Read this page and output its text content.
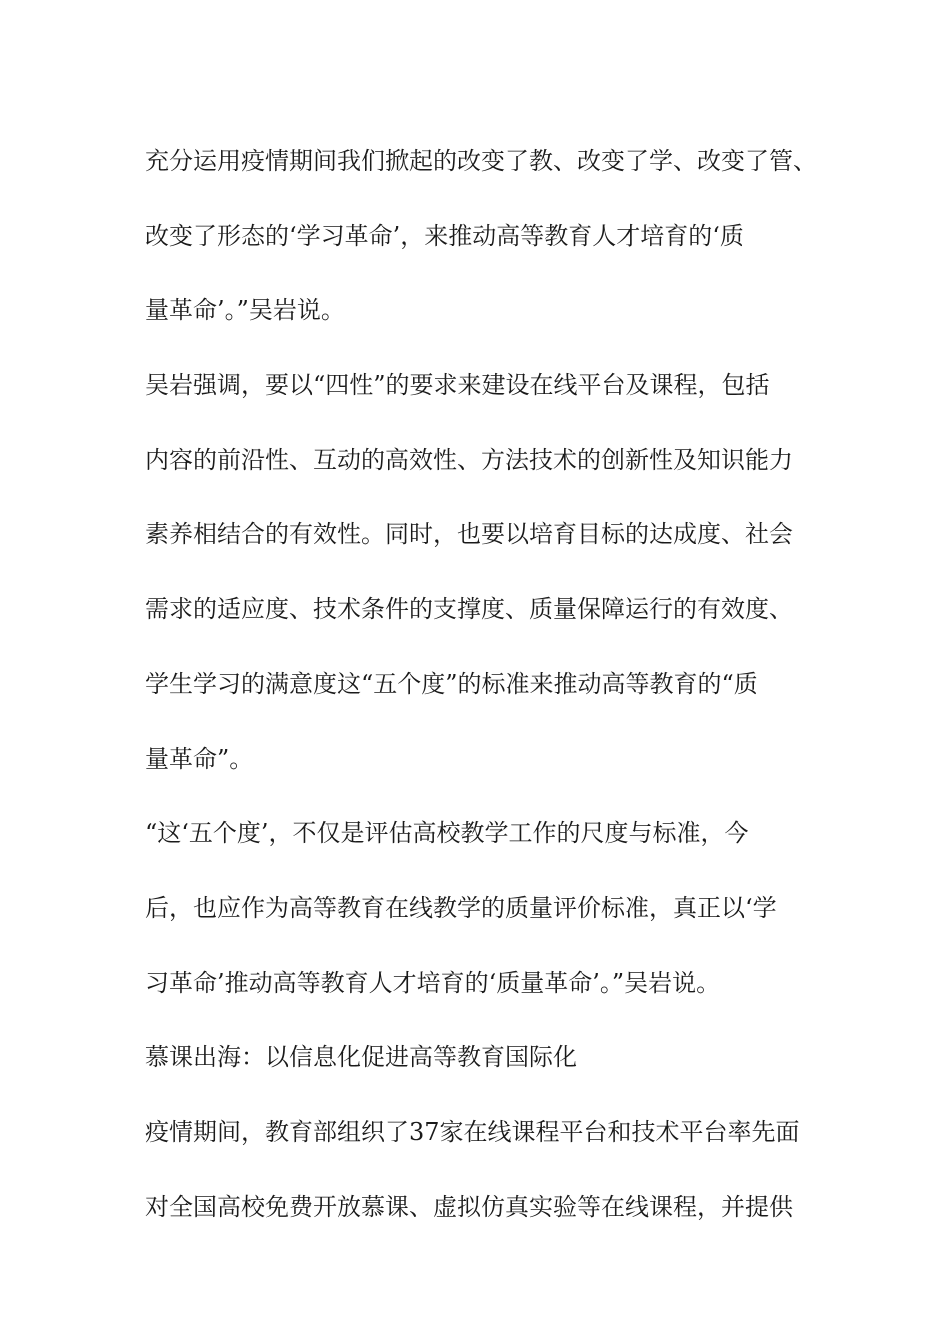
充分运用疫情期间我们掀起的改变了教、改变了学、改变了管、
改变了形态的‘学习革命’，来推动高等教育人才培育的‘质
量革命’。”吴岩说。
吴岩强调，要以“四性”的要求来建设在线平台及课程，包括
内容的前沿性、互动的高效性、方法技术的创新性及知识能力
素养相结合的有效性。同时，也要以培育目标的达成度、社会
需求的适应度、技术条件的支撑度、质量保障运行的有效度、
学生学习的满意度这“五个度”的标准来推动高等教育的“质
量革命”。
“这‘五个度’，不仅是评估高校教学工作的尺度与标准，今
后，也应作为高等教育在线教学的质量评价标准，真正以‘学
习革命’推动高等教育人才培育的‘质量革命’。”吴岩说。
慕课出海：以信息化促进高等教育国际化
疫情期间，教育部组织了37家在线课程平台和技术平台率先面
对全国高校免费开放慕课、虚拟仿真实验等在线课程，并提供
